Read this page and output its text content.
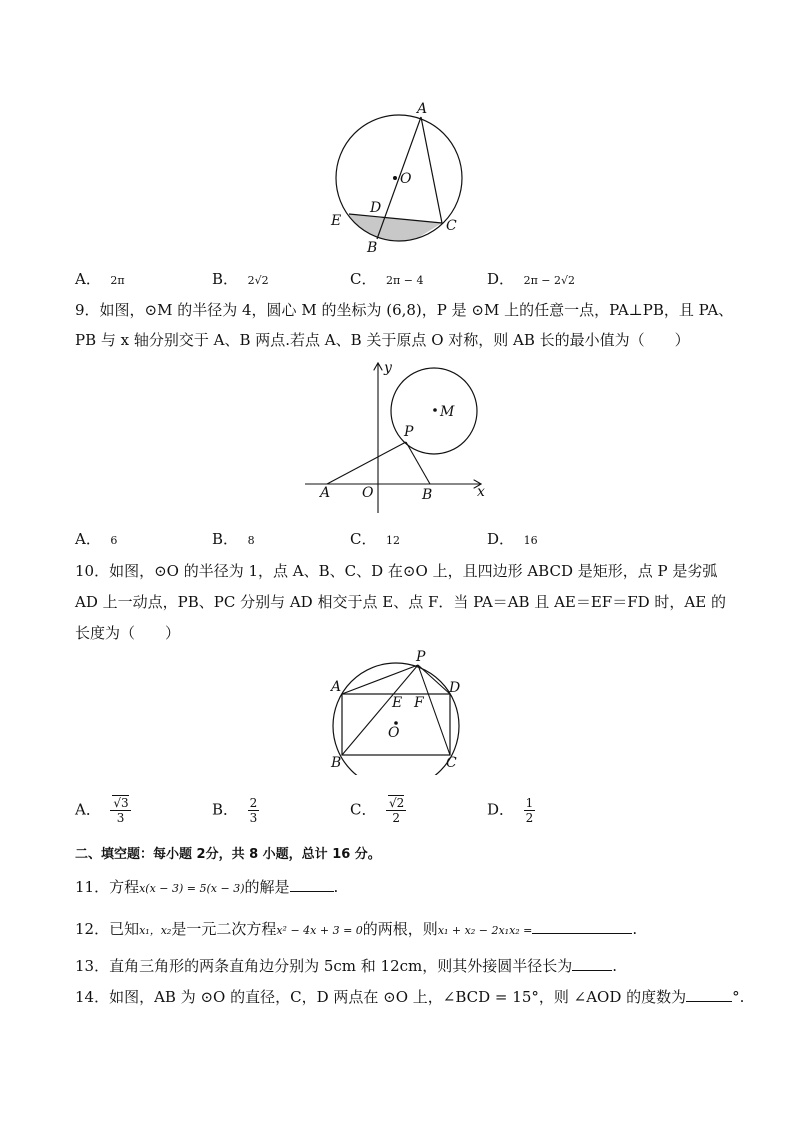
A
O
D
E
B
C
A． 2π	B． 2√2	C． 2π − 4	D． 2π − 2√2
9．如图，⊙M 的半径为 4，圆心 M 的坐标为 (6,8)，P 是 ⊙M 上的任意一点，PA⊥PB，且 PA、
PB 与 x 轴分别交于 A、B 两点.若点 A、B 关于原点 O 对称，则 AB 长的最小值为（　　）
y
x
M
P
A O	B
A． 6	B． 8	C． 12	D． 16
10．如图，⊙O 的半径为 1，点 A、B、C、D 在⊙O 上，且四边形 ABCD 是矩形，点 P 是劣弧
AD 上一动点，PB、PC 分别与 AD 相交于点 E、点 F．当 PA＝AB 且 AE＝EF＝FD 时，AE 的
长度为（　　）
P
A	D
E F
O
B	C
A． $\frac{√3}{3}$	B． $\frac{2}{3}$	C． $\frac{√2}{2}$	D． $\frac{1}{2}$
二、填空题：每小题 2分，共 8 小题，总计 16 分。
11．方程x(x − 3) = 5(x − 3)的解是	.
12．已知x₁，x₂是一元二次方程x² − 4x + 3 = 0的两根，则x₁ + x₂ − 2x₁x₂ =	.
13．直角三角形的两条直角边分别为 5cm 和 12cm，则其外接圆半径长为	.
14．如图，AB 为 ⊙O 的直径，C，D 两点在 ⊙O 上，∠BCD = 15°，则 ∠AOD 的度数为	°.
